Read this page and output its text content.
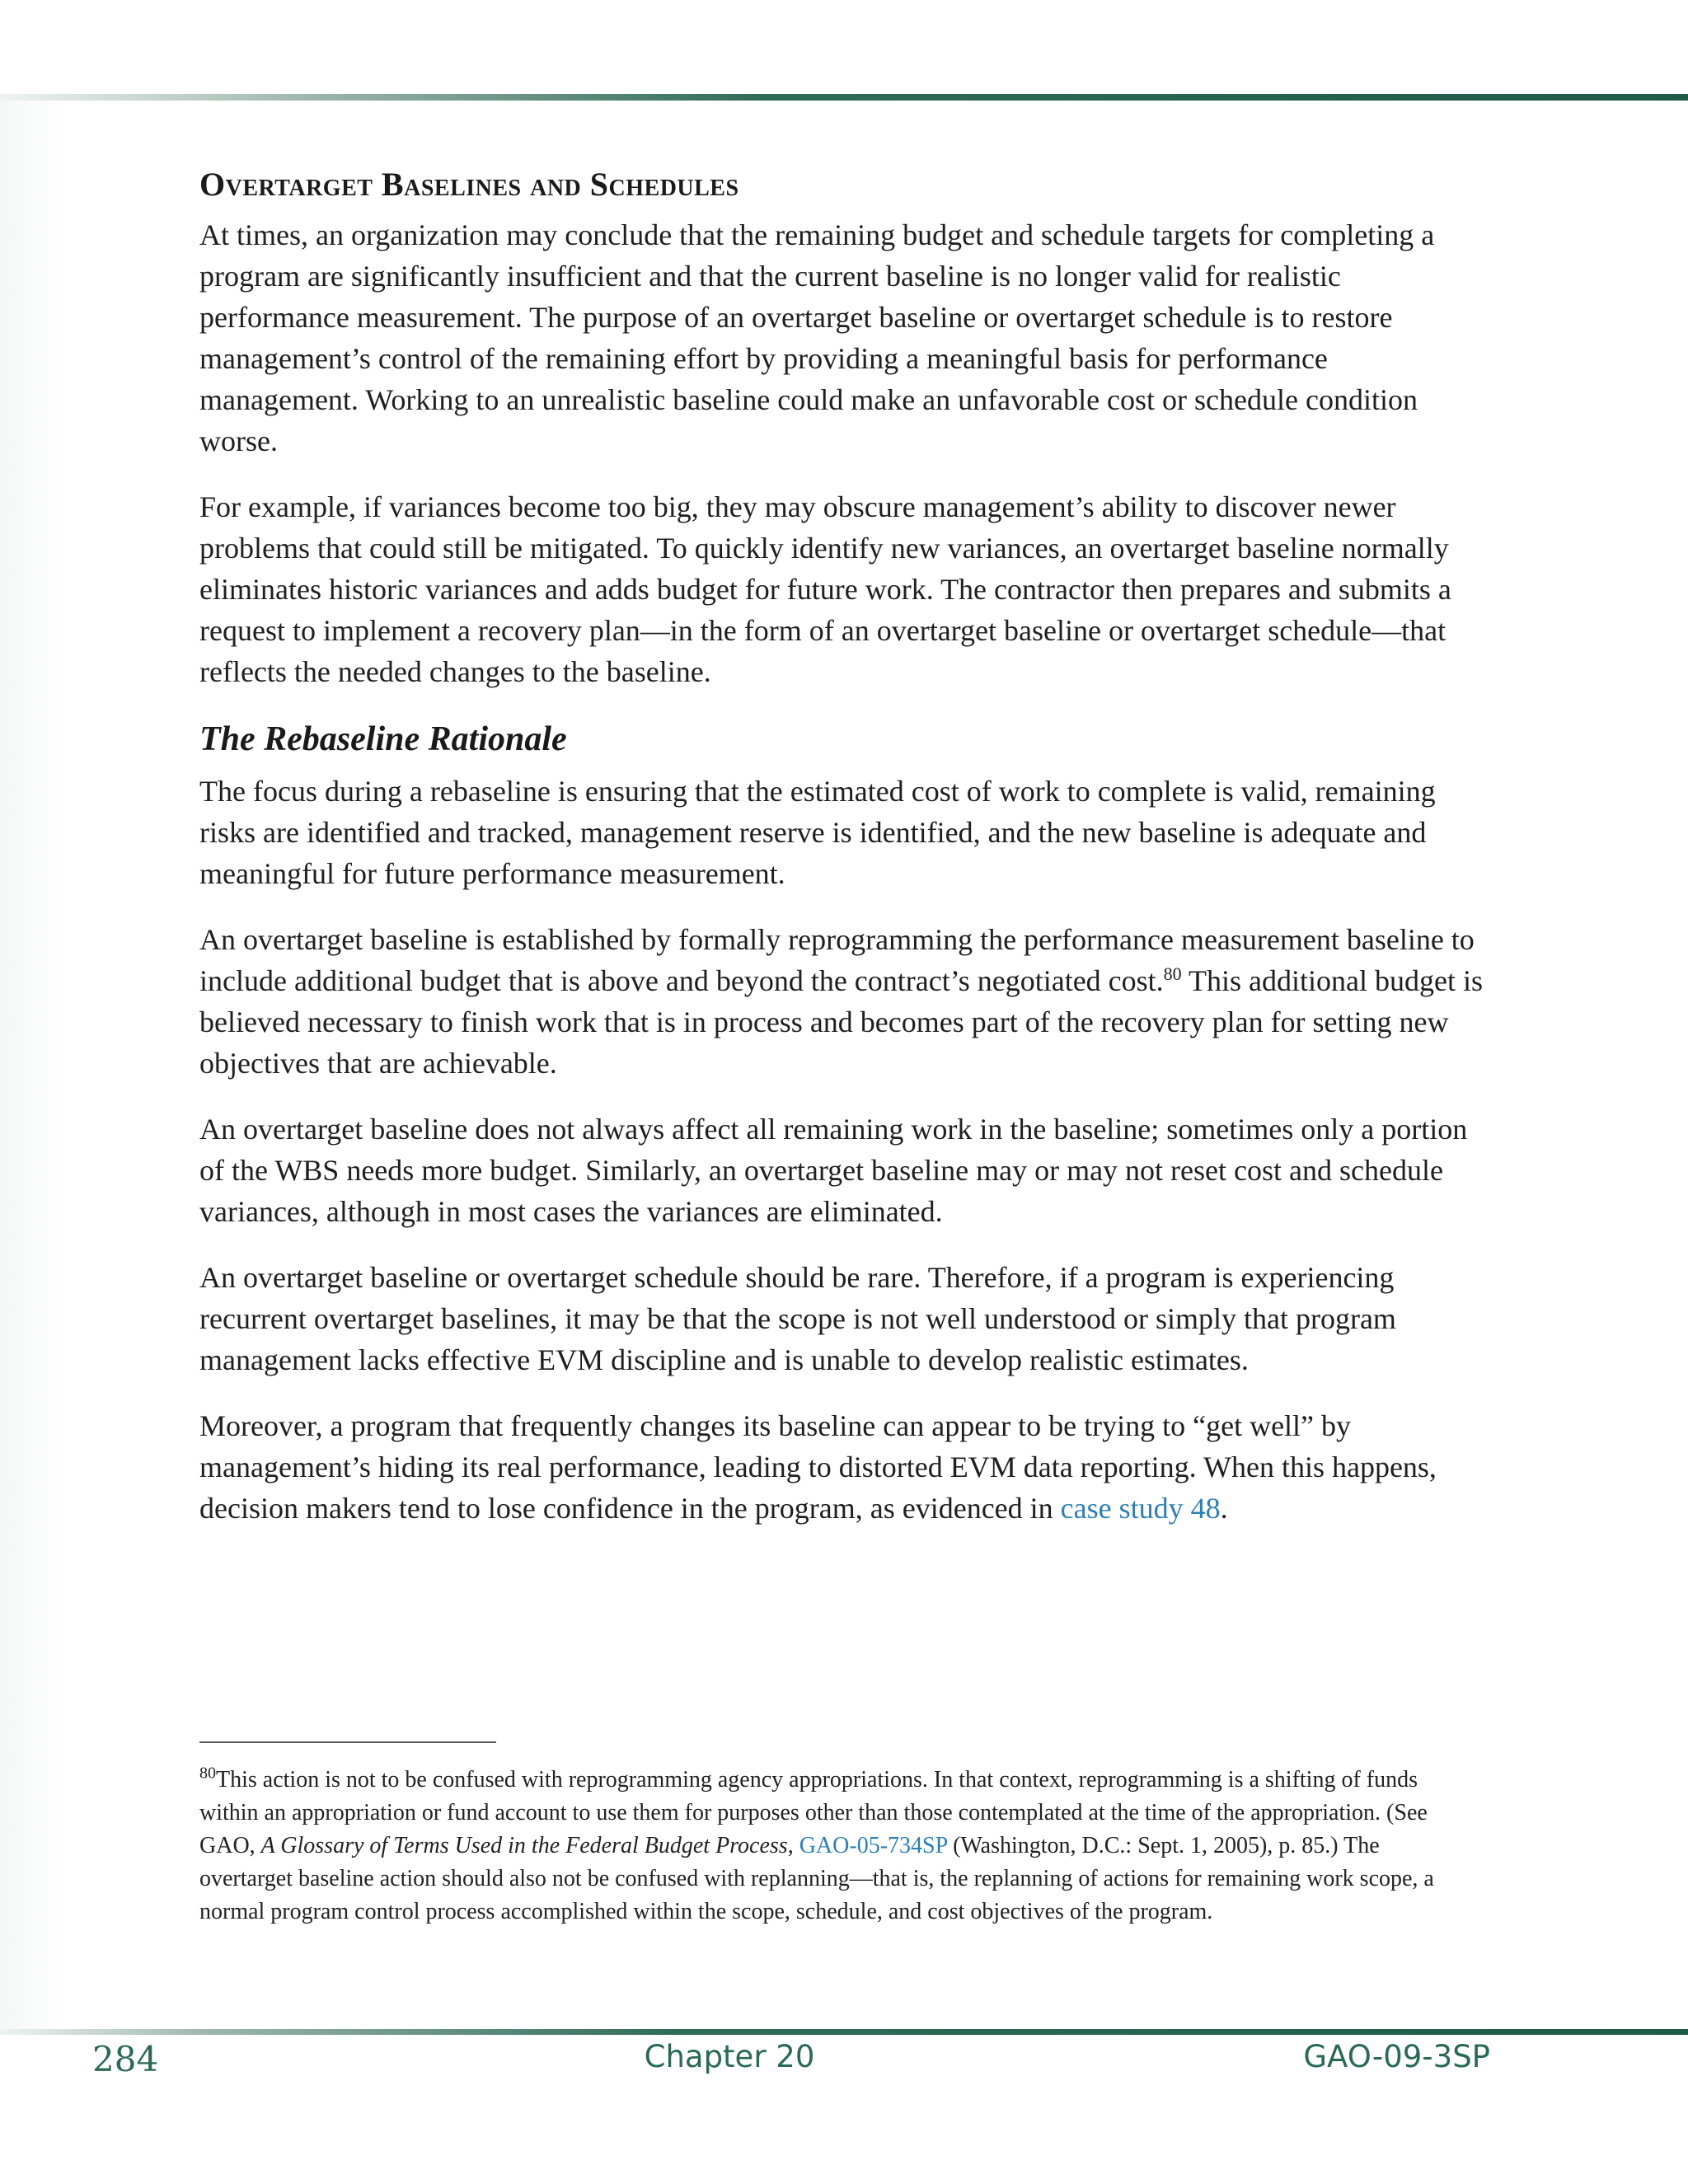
Overtarget Baselines and Schedules

At times, an organization may conclude that the remaining budget and schedule targets for completing a program are significantly insufficient and that the current baseline is no longer valid for realistic performance measurement. The purpose of an overtarget baseline or overtarget schedule is to restore management’s control of the remaining effort by providing a meaningful basis for performance management. Working to an unrealistic baseline could make an unfavorable cost or schedule condition worse.

For example, if variances become too big, they may obscure management’s ability to discover newer problems that could still be mitigated. To quickly identify new variances, an overtarget baseline normally eliminates historic variances and adds budget for future work. The contractor then prepares and submits a request to implement a recovery plan—in the form of an overtarget baseline or overtarget schedule—that reflects the needed changes to the baseline.

The Rebaseline Rationale

The focus during a rebaseline is ensuring that the estimated cost of work to complete is valid, remaining risks are identified and tracked, management reserve is identified, and the new baseline is adequate and meaningful for future performance measurement.

An overtarget baseline is established by formally reprogramming the performance measurement baseline to include additional budget that is above and beyond the contract’s negotiated cost.$^{80}$ This additional budget is believed necessary to finish work that is in process and becomes part of the recovery plan for setting new objectives that are achievable.

An overtarget baseline does not always affect all remaining work in the baseline; sometimes only a portion of the WBS needs more budget. Similarly, an overtarget baseline may or may not reset cost and schedule variances, although in most cases the variances are eliminated.

An overtarget baseline or overtarget schedule should be rare. Therefore, if a program is experiencing recurrent overtarget baselines, it may be that the scope is not well understood or simply that program management lacks effective EVM discipline and is unable to develop realistic estimates.

Moreover, a program that frequently changes its baseline can appear to be trying to “get well” by management’s hiding its real performance, leading to distorted EVM data reporting. When this happens, decision makers tend to lose confidence in the program, as evidenced in case study 48.

$^{80}$This action is not to be confused with reprogramming agency appropriations. In that context, reprogramming is a shifting of funds within an appropriation or fund account to use them for purposes other than those contemplated at the time of the appropriation. (See GAO, A Glossary of Terms Used in the Federal Budget Process, GAO-05-734SP (Washington, D.C.: Sept. 1, 2005), p. 85.) The overtarget baseline action should also not be confused with replanning—that is, the replanning of actions for remaining work scope, a normal program control process accomplished within the scope, schedule, and cost objectives of the program.
284	Chapter 20	GAO-09-3SP
